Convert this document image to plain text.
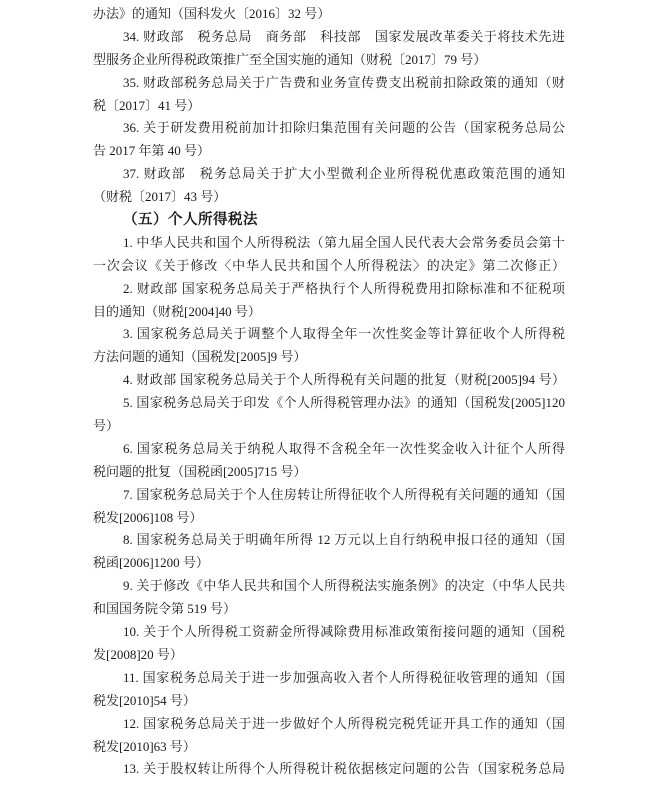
办法》的通知（国科发火〔2016〕32 号）
34. 财政部　税务总局　商务部　科技部　国家发展改革委关于将技术先进
型服务企业所得税政策推广至全国实施的通知（财税〔2017〕79 号）
35. 财政部税务总局关于广告费和业务宣传费支出税前扣除政策的通知（财
税〔2017〕41 号）
36. 关于研发费用税前加计扣除归集范围有关问题的公告（国家税务总局公
告 2017 年第 40 号）
37. 财政部　税务总局关于扩大小型微利企业所得税优惠政策范围的通知
（财税〔2017〕43 号）
（五）个人所得税法
1. 中华人民共和国个人所得税法（第九届全国人民代表大会常务委员会第十
一次会议《关于修改〈中华人民共和国个人所得税法〉的决定》第二次修正）
2. 财政部 国家税务总局关于严格执行个人所得税费用扣除标准和不征税项
目的通知（财税[2004]40 号）
3. 国家税务总局关于调整个人取得全年一次性奖金等计算征收个人所得税
方法问题的通知（国税发[2005]9 号）
4. 财政部 国家税务总局关于个人所得税有关问题的批复（财税[2005]94 号）
5. 国家税务总局关于印发《个人所得税管理办法》的通知（国税发[2005]120
号）
6. 国家税务总局关于纳税人取得不含税全年一次性奖金收入计征个人所得
税问题的批复（国税函[2005]715 号）
7. 国家税务总局关于个人住房转让所得征收个人所得税有关问题的通知（国
税发[2006]108 号）
8. 国家税务总局关于明确年所得 12 万元以上自行纳税申报口径的通知（国
税函[2006]1200 号）
9. 关于修改《中华人民共和国个人所得税法实施条例》的决定（中华人民共
和国国务院令第 519 号）
10. 关于个人所得税工资薪金所得减除费用标准政策衔接问题的通知（国税
发[2008]20 号）
11. 国家税务总局关于进一步加强高收入者个人所得税征收管理的通知（国
税发[2010]54 号）
12. 国家税务总局关于进一步做好个人所得税完税凭证开具工作的通知（国
税发[2010]63 号）
13. 关于股权转让所得个人所得税计税依据核定问题的公告（国家税务总局
